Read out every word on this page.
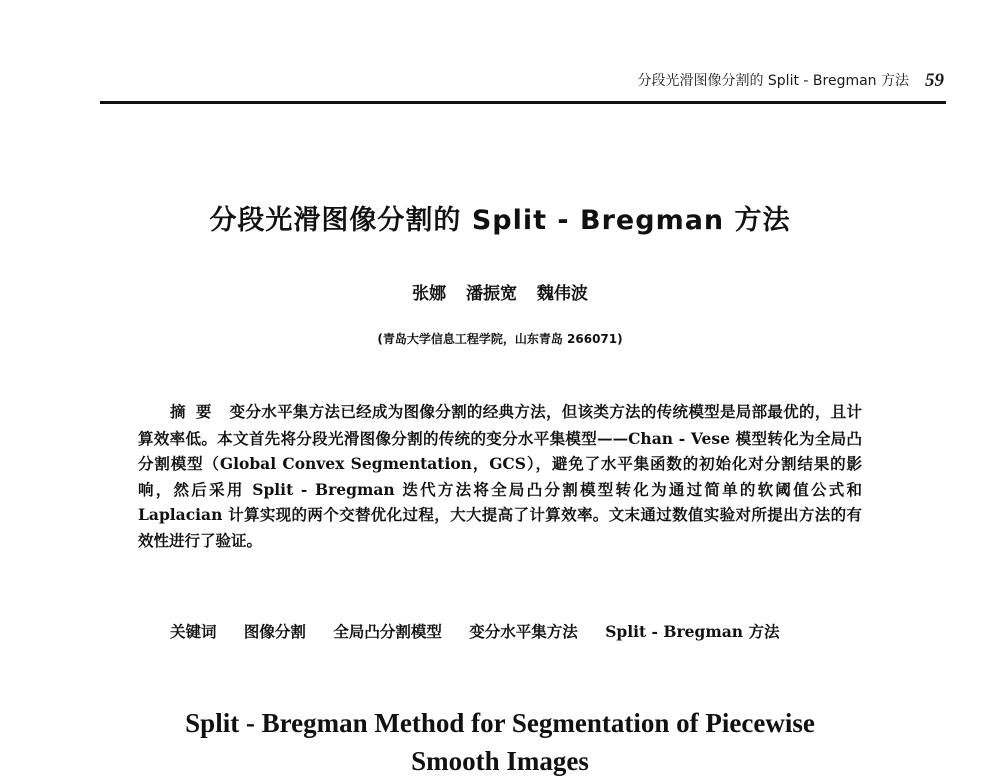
分段光滑图像分割的 Split - Bregman 方法 59
分段光滑图像分割的 Split - Bregman 方法
张娜 潘振宽 魏伟波
(青岛大学信息工程学院，山东青岛 266071)
摘要 变分水平集方法已经成为图像分割的经典方法，但该类方法的传统模型是局部最优的，且计算效率低。本文首先将分段光滑图像分割的传统的变分水平集模型——Chan - Vese 模型转化为全局凸分割模型（Global Convex Segmentation，GCS），避免了水平集函数的初始化对分割结果的影响，然后采用 Split - Bregman 迭代方法将全局凸分割模型转化为通过简单的软阈值公式和 Laplacian 计算实现的两个交替优化过程，大大提高了计算效率。文末通过数值实验对所提出方法的有效性进行了验证。
关键词 图像分割 全局凸分割模型 变分水平集方法 Split - Bregman 方法
Split - Bregman Method for Segmentation of Piecewise
Smooth Images
